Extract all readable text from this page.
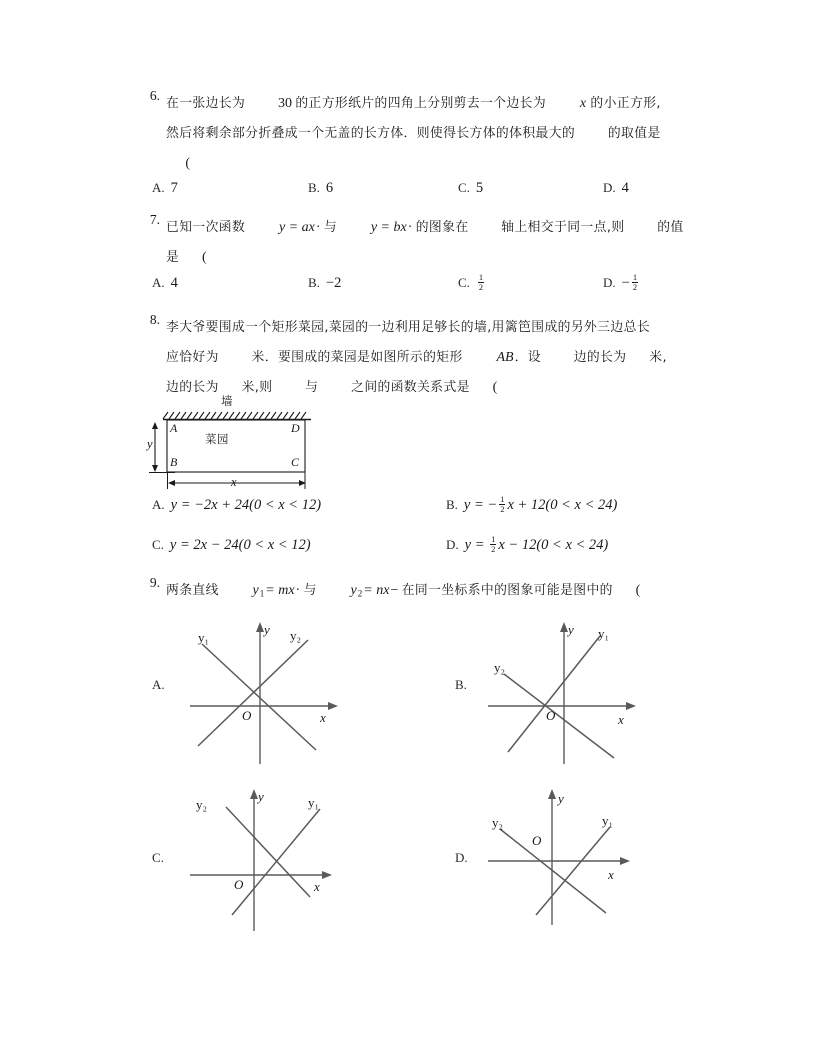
6.
在一张边长为 30 的正方形纸片的四角上分别剪去一个边长为 x 的小正方形,
然后将剩余部分折叠成一个无盖的长方体．则使得长方体的体积最大的	的取值是
(
A. 7	B. 6	C. 5	D. 4
7.
已知一次函数 y = ax· 与 y = bx· 的图象在	轴上相交于同一点,则	的值
是 (
A. 4	B. −2	C. $\frac{1}{2}$	D. − $\frac{1}{2}$
8.
李大爷要围成一个矩形菜园,菜园的一边利用足够长的墙,用篱笆围成的另外三边总长
应恰好为	米．要围成的菜园是如图所示的矩形 AB．设	边的长为 米,
边的长为 米,则	与	之间的函数关系式是 (
墙
菜园
A
B	C
D
y
x
A. y = −2x + 24(0 < x < 12)	B. y = − $\frac{1}{2}$ x + 12(0 < x < 24)
C. y = 2x − 24(0 < x < 12)	D. $y = \frac{1}{2}$ x − 12(0 < x < 24)
9.
两条直线 $y_1= mx\cdot$ 与 $y_2= nx-$ 在同一坐标系中的图象可能是图中的 (
A.
y₁	y₂
O	x
y
B.
y₁
y₂
O	x
y
C.
y₂	y₁
O	x
y
D.
y₂	y₁
O
x
y
